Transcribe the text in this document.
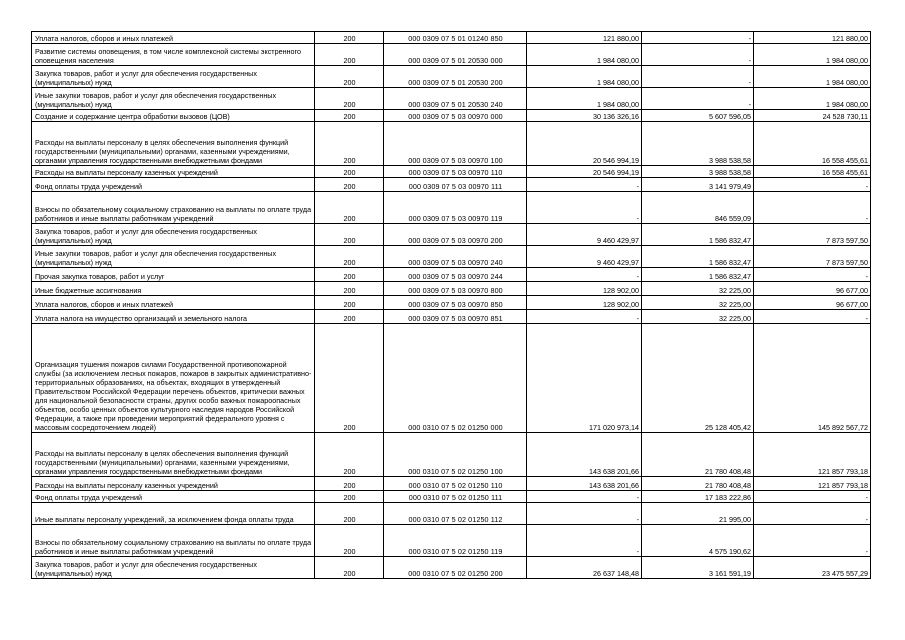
Уплата налогов, сборов и иных платежей	200	000 0309 07 5 01 01240 850	121 880,00	-	121 880,00
Развитие системы оповещения, в том числе комплексной системы экстренного оповещения населения	200	000 0309 07 5 01 20530 000	1 984 080,00	-	1 984 080,00
Закупка товаров, работ и услуг для обеспечения государственных (муниципальных) нужд	200	000 0309 07 5 01 20530 200	1 984 080,00	-	1 984 080,00
Иные закупки товаров, работ и услуг для обеспечения государственных (муниципальных) нужд	200	000 0309 07 5 01 20530 240	1 984 080,00	-	1 984 080,00
Создание и содержание центра обработки вызовов (ЦОВ)	200	000 0309 07 5 03 00970 000	30 136 326,16	5 607 596,05	24 528 730,11
Расходы на выплаты персоналу в целях обеспечения выполнения функций государственными (муниципальными) органами, казенными учреждениями, органами управления государственными внебюджетными фондами	200	000 0309 07 5 03 00970 100	20 546 994,19	3 988 538,58	16 558 455,61
Расходы на выплаты персоналу казенных учреждений	200	000 0309 07 5 03 00970 110	20 546 994,19	3 988 538,58	16 558 455,61
Фонд оплаты труда учреждений	200	000 0309 07 5 03 00970 111	-	3 141 979,49	-
Взносы по обязательному социальному страхованию на выплаты по оплате труда работников и иные выплаты работникам учреждений	200	000 0309 07 5 03 00970 119	-	846 559,09	-
Закупка товаров, работ и услуг для обеспечения государственных (муниципальных) нужд	200	000 0309 07 5 03 00970 200	9 460 429,97	1 586 832,47	7 873 597,50
Иные закупки товаров, работ и услуг для обеспечения государственных (муниципальных) нужд	200	000 0309 07 5 03 00970 240	9 460 429,97	1 586 832,47	7 873 597,50
Прочая закупка товаров, работ и услуг	200	000 0309 07 5 03 00970 244	-	1 586 832,47	-
Иные бюджетные ассигнования	200	000 0309 07 5 03 00970 800	128 902,00	32 225,00	96 677,00
Уплата налогов, сборов и иных платежей	200	000 0309 07 5 03 00970 850	128 902,00	32 225,00	96 677,00
Уплата налога на имущество организаций и земельного налога	200	000 0309 07 5 03 00970 851	-	32 225,00	-
Организация тушения пожаров силами Государственной противопожарной службы (за исключением лесных пожаров, пожаров в закрытых административно-территориальных образованиях, на объектах, входящих в утвержденный Правительством Российской Федерации перечень объектов, критически важных для национальной безопасности страны, других особо важных пожароопасных объектов, особо ценных объектов культурного наследия народов Российской Федерации, а также при проведении мероприятий федерального уровня с массовым сосредоточением людей)	200	000 0310 07 5 02 01250 000	171 020 973,14	25 128 405,42	145 892 567,72
Расходы на выплаты персоналу в целях обеспечения выполнения функций государственными (муниципальными) органами, казенными учреждениями, органами управления государственными внебюджетными фондами	200	000 0310 07 5 02 01250 100	143 638 201,66	21 780 408,48	121 857 793,18
Расходы на выплаты персоналу казенных учреждений	200	000 0310 07 5 02 01250 110	143 638 201,66	21 780 408,48	121 857 793,18
Фонд оплаты труда учреждений	200	000 0310 07 5 02 01250 111	-	17 183 222,86	-
Иные выплаты персоналу учреждений, за исключением фонда оплаты труда	200	000 0310 07 5 02 01250 112	-	21 995,00	-
Взносы по обязательному социальному страхованию на выплаты по оплате труда работников и иные выплаты работникам учреждений	200	000 0310 07 5 02 01250 119	-	4 575 190,62	-
Закупка товаров, работ и услуг для обеспечения государственных (муниципальных) нужд	200	000 0310 07 5 02 01250 200	26 637 148,48	3 161 591,19	23 475 557,29
